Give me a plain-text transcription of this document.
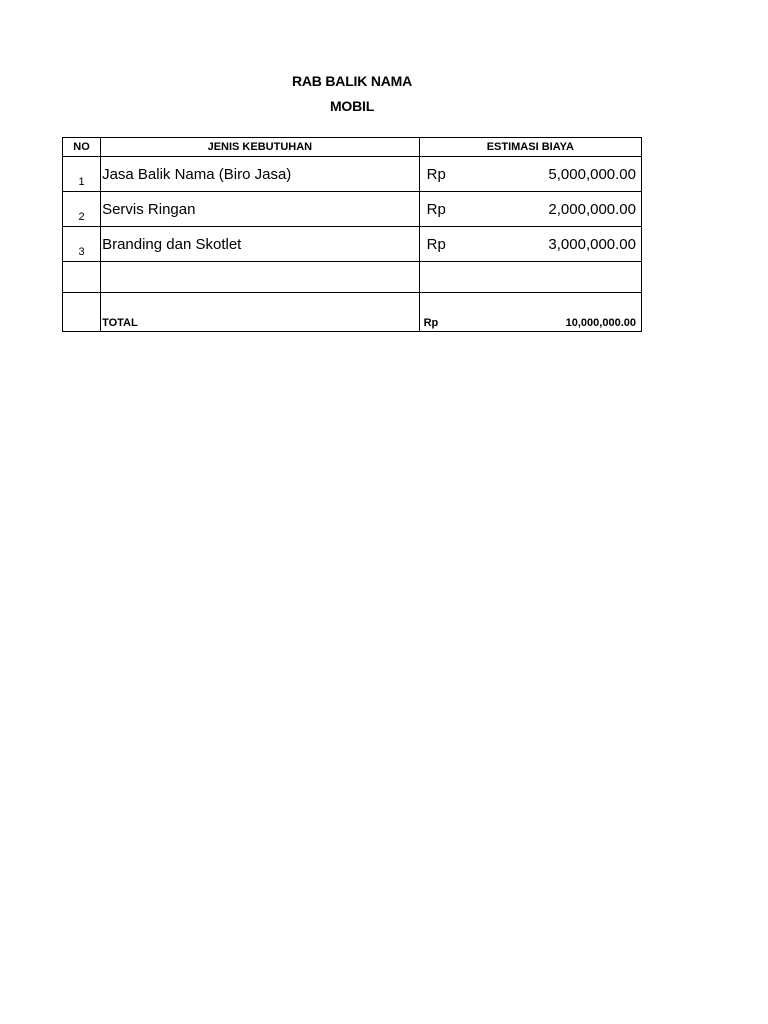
RAB BALIK NAMA
MOBIL
NO	JENIS KEBUTUHAN	ESTIMASI BIAYA
1	Jasa Balik Nama (Biro Jasa)	Rp 5,000,000.00

2	Servis Ringan	Rp 2,000,000.00

3	Branding dan Skotlet	Rp 3,000,000.00

	TOTAL	Rp 10,000,000.00
